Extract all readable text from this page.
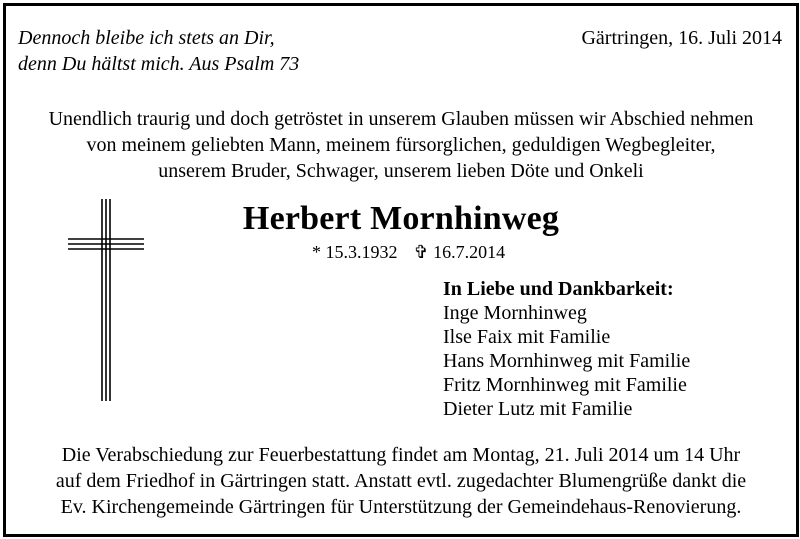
Dennoch bleibe ich stets an Dir,
denn Du hältst mich. Aus Psalm 73
Gärtringen, 16. Juli 2014
Unendlich traurig und doch getröstet in unserem Glauben müssen wir Abschied nehmen
von meinem geliebten Mann, meinem fürsorglichen, geduldigen Wegbegleiter,
unserem Bruder, Schwager, unserem lieben Döte und Onkeli
Herbert Mornhinweg
* 15.3.1932 ✞ 16.7.2014
In Liebe und Dankbarkeit:
Inge Mornhinweg
Ilse Faix mit Familie
Hans Mornhinweg mit Familie
Fritz Mornhinweg mit Familie
Dieter Lutz mit Familie
Die Verabschiedung zur Feuerbestattung findet am Montag, 21. Juli 2014 um 14 Uhr
auf dem Friedhof in Gärtringen statt. Anstatt evtl. zugedachter Blumengrüße dankt die
Ev. Kirchengemeinde Gärtringen für Unterstützung der Gemeindehaus-Renovierung.
